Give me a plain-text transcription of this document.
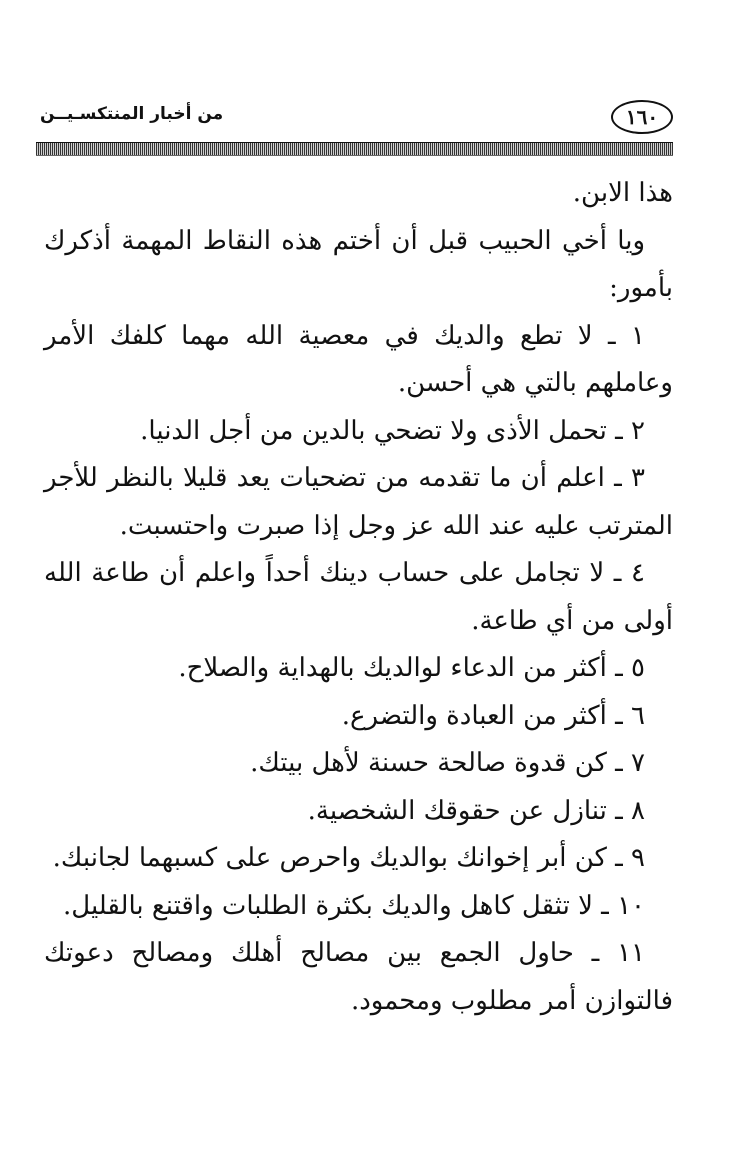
١٦٠
من أخبار المنتكسـيــن

هذا الابن.

ويا أخي الحبيب قبل أن أختم هذه النقاط المهمة أذكرك بأمور:

١ ـ لا تطع والديك في معصية الله مهما كلفك الأمر وعاملهم بالتي هي أحسن.

٢ ـ تحمل الأذى ولا تضحي بالدين من أجل الدنيا.

٣ ـ اعلم أن ما تقدمه من تضحيات يعد قليلا بالنظر للأجر المترتب عليه عند الله عز وجل إذا صبرت واحتسبت.

٤ ـ لا تجامل على حساب دينك أحداً واعلم أن طاعة الله أولى من أي طاعة.

٥ ـ أكثر من الدعاء لوالديك بالهداية والصلاح.

٦ ـ أكثر من العبادة والتضرع.

٧ ـ كن قدوة صالحة حسنة لأهل بيتك.

٨ ـ تنازل عن حقوقك الشخصية.

٩ ـ كن أبر إخوانك بوالديك واحرص على كسبهما لجانبك.

١٠ ـ لا تثقل كاهل والديك بكثرة الطلبات واقتنع بالقليل.

١١ ـ حاول الجمع بين مصالح أهلك ومصالح دعوتك فالتوازن أمر مطلوب ومحمود.
